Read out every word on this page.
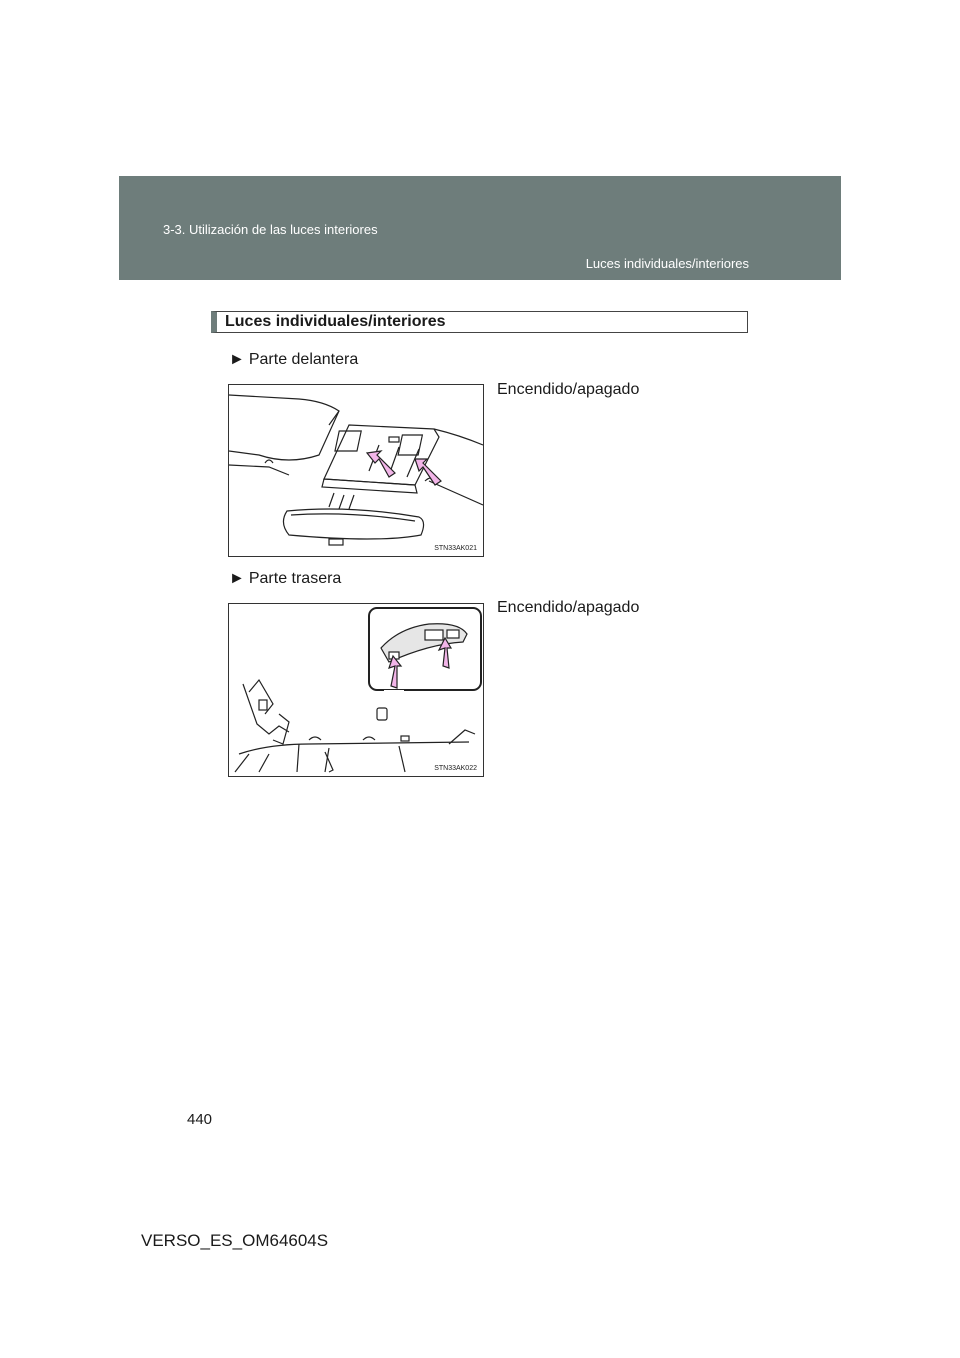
3-3. Utilización de las luces interiores
Luces individuales/interiores
Luces individuales/interiores
► Parte delantera
Encendido/apagado
STN33AK021
► Parte trasera
Encendido/apagado
STN33AK022
440
VERSO_ES_OM64604S
